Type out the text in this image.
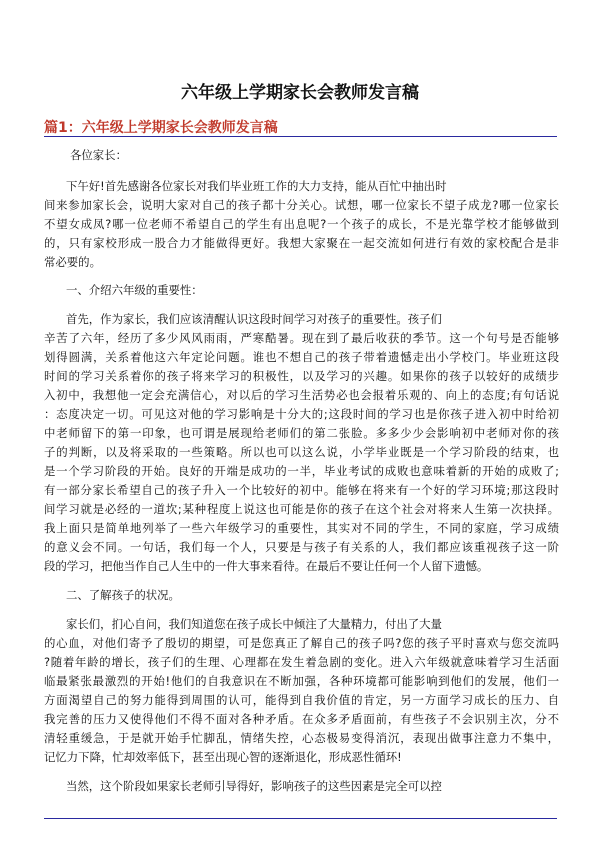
六年级上学期家长会教师发言稿
篇1：六年级上学期家长会教师发言稿
各位家长：
下午好!首先感谢各位家长对我们毕业班工作的大力支持，能从百忙中抽出时
间来参加家长会，说明大家对自己的孩子都十分关心。试想，哪一位家长不望子成龙?哪一位家长
不望女成凤?哪一位老师不希望自己的学生有出息呢?一个孩子的成长，不是光靠学校才能够做到
的，只有家校形成一股合力才能做得更好。我想大家聚在一起交流如何进行有效的家校配合是非
常必要的。
一、介绍六年级的重要性：
首先，作为家长，我们应该清醒认识这段时间学习对孩子的重要性。孩子们
辛苦了六年，经历了多少风风雨雨，严寒酷暑。现在到了最后收获的季节。这一个句号是否能够
划得圆满，关系着他这六年定论问题。谁也不想自己的孩子带着遗憾走出小学校门。毕业班这段
时间的学习关系着你的孩子将来学习的积极性，以及学习的兴趣。如果你的孩子以较好的成绩步
入初中，我想他一定会充满信心，对以后的学习生活势必也会报着乐观的、向上的态度;有句话说
：态度决定一切。可见这对他的学习影响是十分大的;这段时间的学习也是你孩子进入初中时给初
中老师留下的第一印象，也可谓是展现给老师们的第二张脸。多多少少会影响初中老师对你的孩
子的判断，以及将采取的一些策略。所以也可以这么说，小学毕业既是一个学习阶段的结束，也
是一个学习阶段的开始。良好的开端是成功的一半，毕业考试的成败也意味着新的开始的成败了;
有一部分家长希望自己的孩子升入一个比较好的初中。能够在将来有一个好的学习环境;那这段时
间学习就是必经的一道坎;某种程度上说这也可能是你的孩子在这个社会对将来人生第一次抉择。
我上面只是简单地列举了一些六年级学习的重要性，其实对不同的学生，不同的家庭，学习成绩
的意义会不同。一句话，我们每一个人，只要是与孩子有关系的人，我们都应该重视孩子这一阶
段的学习，把他当作自己人生中的一件大事来看待。在最后不要让任何一个人留下遗憾。
二、了解孩子的状况。
家长们，扪心自问，我们知道您在孩子成长中倾注了大量精力，付出了大量
的心血，对他们寄予了殷切的期望，可是您真正了解自己的孩子吗?您的孩子平时喜欢与您交流吗
?随着年龄的增长，孩子们的生理、心理都在发生着急剧的变化。进入六年级就意味着学习生活面
临最紧张最激烈的开始!他们的自我意识在不断加强，各种环境都可能影响到他们的发展，他们一
方面渴望自己的努力能得到周围的认可，能得到自我价值的肯定，另一方面学习成长的压力、自
我完善的压力又使得他们不得不面对各种矛盾。在众多矛盾面前，有些孩子不会识别主次，分不
清轻重缓急，于是就开始手忙脚乱，情绪失控，心态极易变得消沉，表现出做事注意力不集中，
记忆力下降，忙却效率低下，甚至出现心智的逐渐退化，形成恶性循环!
当然，这个阶段如果家长老师引导得好，影响孩子的这些因素是完全可以控
